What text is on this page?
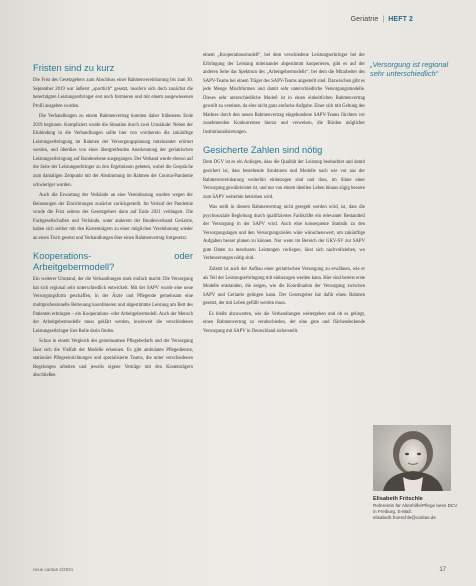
Geriatrie | HEFT 2
Fristen sind zu kurz

Die Frist des Gesetzgebers zum Abschluss einer Rahmenvereinbarung bis zum 30. September 2019 war äußerst „sportlich“ gesetzt, insofern sich doch zunächst die berechtigten Leistungserbringer erst noch formieren und mit einem ausgewiesenen Profil ausgeben wurden.

Die Verhandlungen zu einem Rahmenvertrag konnten daher frühestens Ende 2019 beginnen. Kompliziert wurde die Situation durch zwei Umstände: Neben der Einbindung in die Verhandlungen sollte hier von vornherein die zukünftige Leistungserbringung im Rahmen der Versorgungsplanung miteinander erörtert werden, und überdies von einer übergreifenden Anerkennung der geriatrischen Leistungserbringung auf Bundesebene ausgegangen. Der Verband wurde ebenso auf die Seite der Leistungserbringer zu den Ergebnissen gebeten, wobei die Gespräche zum damaligen Zeitpunkt mit der Abstimmung im Rahmen der Corona-Pandemie schwieriger wurden.

Auch die Erwartung der Verbände an eine Vereinbarung wurden wegen der Belastungen der Einrichtungen zunächst zurückgestellt. Im Verlauf der Pandemie wurde die Frist seitens des Gesetzgebers dann auf Ende 2021 verlängert. Die Fachgesellschaften und Verbände, unter anderem der Bundesverband Geriatrie, haben sich seither mit den Kostenträgern zu einer möglichen Vereinbarung wieder an einen Tisch gesetzt und Verhandlungen über einen Rahmenvertrag fortgesetzt.

Kooperations- oder Arbeitgebermodell?

Ein weiterer Umstand, der die Verhandlungen stark einfach macht: Die Versorgung hat sich regional sehr unterschiedlich entwickelt. Mit der SAPV wurde eine neue Versorgungsform geschaffen, in der Ärzte und Pflegende gemeinsam eine multiprofessionelle Betreuung koordinieren und abgestimmte Leistung am Bett des Patienten erbringen – ein Kooperations- oder Arbeitgebermodell. Auch der Mensch der Arbeitgebermodelle muss geklärt werden, inwieweit die verschiedenen Leistungserbringer ihre Rolle darin finden.

Schon in einem Vergleich des gemeinsamen Pflegebedarfs und der Versorgung lässt sich die Vielfalt der Modelle erkennen. Es gibt ambulante Pflegedienste, stationäre Pflegeeinrichtungen und spezialisierte Teams, die unter verschiedenen Regelungen arbeiten und jeweils eigene Verträge mit den Kostenträgern abschließen.

einem „Kooperationsmodell“, bei dem verschiedene Leistungserbringer bei der Erbringung der Leistung miteinander abgestimmt kooperieren, gibt es auf der anderen Seite das Spektrum des „Arbeitgebermodells“, bei dem die Mitarbeiter des SAPV-Teams bei einem Träger des SAPV-Teams angestellt sind. Dazwischen gibt es jede Menge Mischformen und damit sehr unterschiedliche Versorgungsmodelle. Dieses sehr unterschiedliche Modell ist in einen einheitlichen Rahmenvertrag gewollt zu vereinen, da eine nicht ganz einfache Aufgabe. Einer sich mit Geltung des Marktes durch den neuen Rahmenvertrag eingebundene SAPV-Teams fürchten vor zunehmenden Konkurrenten hierzu und verweisen, die Bürden möglicher Institutionalisierungen.

Gesicherte Zahlen sind nötig

Dem DGV ist es ein Anliegen, dass die Qualität der Leistung beobachtet und damit gesichert ist, dass bestehende Strukturen und Modelle nach wie vor aus der Rahmenvereinbarung weiterhin einbezogen sind und dass, im Sinne einer Versorgung gewährleistet ist, und nur von einem ideellen Leben hinaus zügig bessere zum SAPV weiterhin betrieben wird.

Was stellt in diesem Rahmenvertrag nicht geregelt werden wird, ist, dass die psychosoziale Begleitung durch qualifiziertes Fachkräfte ein relevanter Bestandteil der Versorgung in der SAPV wird. Auch eine konsequente Statistik zu den Versorgungslagen und den Versorgungszielen wäre wünschenswert, um zukünftige Aufgaben besser planen zu können. Nur wenn im Bereich der GKV-SV zur SAPV gute Daten zu messbaren Leistungen vorliegen, lässt sich nachvollziehen, wo Verbesserungen nötig sind.

Zuletzt ist auch der Aufbau einer geriatrischen Versorgung zu erwähnen, wie er als Teil der Leistungserbringung mit einbezogen werden kann. Hier sind bereits erste Modelle entstanden, die zeigen, wie die Koordination der Versorgung zwischen SAPV und Geriatrie gelingen kann. Der Gesetzgeber hat dafür einen Rahmen gesetzt, der mit Leben gefüllt werden muss.

Es bleibt abzuwarten, wie die Verhandlungen weitergehen und ob es gelingt, einen Rahmenvertrag zu verabschieden, der eine gute und flächendeckende Versorgung mit SAPV in Deutschland sicherstellt.

„Versorgung ist regional sehr unterschiedlich“
Elisabeth Fröschle
Referentin für Altenhilfe/Pflege beim DCV in Freiburg, E-Mail: elisabeth.froeschle@caritas.de
neue caritas 2/2021	17
